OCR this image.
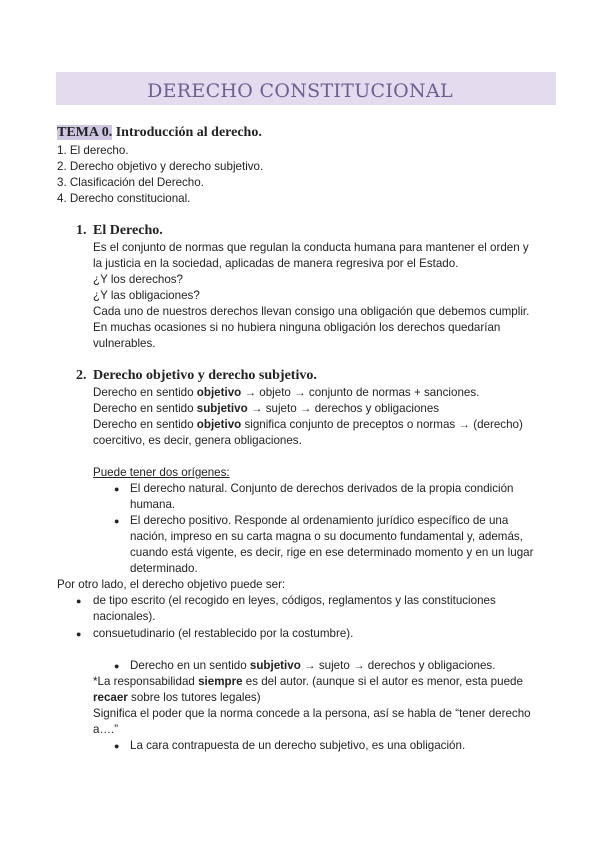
DERECHO CONSTITUCIONAL
TEMA 0. Introducción al derecho.
1. El derecho.
2. Derecho objetivo y derecho subjetivo.
3. Clasificación del Derecho.
4. Derecho constitucional.
1. El Derecho.
Es el conjunto de normas que regulan la conducta humana para mantener el orden y
la justicia en la sociedad, aplicadas de manera regresiva por el Estado.
¿Y los derechos?
¿Y las obligaciones?
Cada uno de nuestros derechos llevan consigo una obligación que debemos cumplir.
En muchas ocasiones si no hubiera ninguna obligación los derechos quedarían
vulnerables.
2. Derecho objetivo y derecho subjetivo.
Derecho en sentido objetivo → objeto → conjunto de normas + sanciones.
Derecho en sentido subjetivo → sujeto → derechos y obligaciones
Derecho en sentido objetivo significa conjunto de preceptos o normas → (derecho)
coercitivo, es decir, genera obligaciones.
Puede tener dos orígenes:
● El derecho natural. Conjunto de derechos derivados de la propia condición
humana.
● El derecho positivo. Responde al ordenamiento jurídico específico de una
nación, impreso en su carta magna o su documento fundamental y, además,
cuando está vigente, es decir, rige en ese determinado momento y en un lugar
determinado.
Por otro lado, el derecho objetivo puede ser:
● de tipo escrito (el recogido en leyes, códigos, reglamentos y las constituciones
nacionales).
● consuetudinario (el restablecido por la costumbre).
● Derecho en un sentido subjetivo → sujeto → derechos y obligaciones.
*La responsabilidad siempre es del autor. (aunque si el autor es menor, esta puede
recaer sobre los tutores legales)
Significa el poder que la norma concede a la persona, así se habla de “tener derecho
a….”
● La cara contrapuesta de un derecho subjetivo, es una obligación.
